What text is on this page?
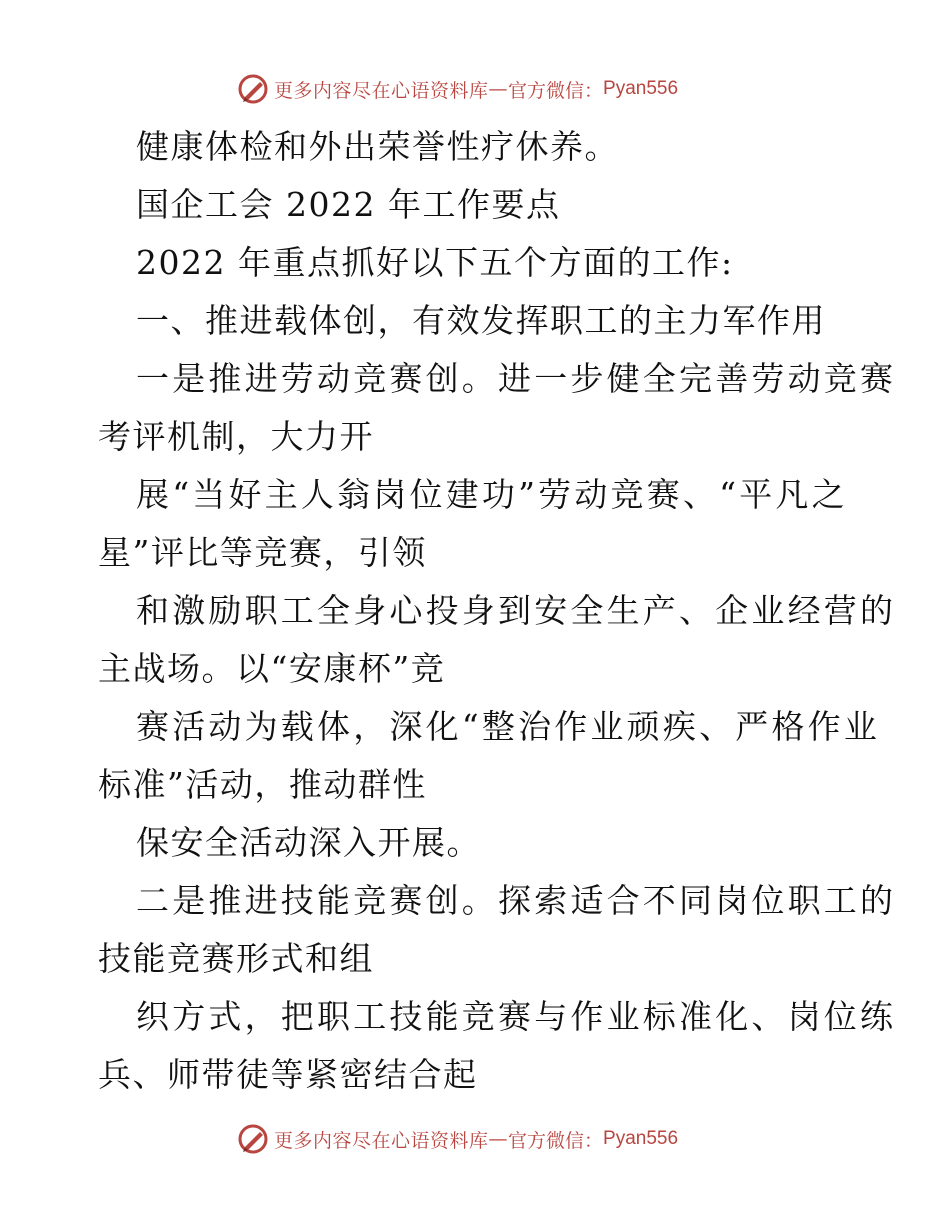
更多内容尽在心语资料库 — 官方微信： Pyan556
健康体检和外出荣誉性疗休养。
国企工会 2022 年工作要点
2022 年重点抓好以下五个方面的工作:
一、推进载体创，有效发挥职工的主力军作用
一是推进劳动竞赛创。进一步健全完善劳动竞赛
考评机制，大力开
展“当好主人翁岗位建功”劳动竞赛、“平凡之
星”评比等竞赛，引领
和激励职工全身心投身到安全生产、企业经营的
主战场。以“安康杯”竞
赛活动为载体，深化“整治作业顽疾、严格作业
标准”活动，推动群性
保安全活动深入开展。
二是推进技能竞赛创。探索适合不同岗位职工的
技能竞赛形式和组
织方式，把职工技能竞赛与作业标准化、岗位练
兵、师带徒等紧密结合起
更多内容尽在心语资料库 — 官方微信： Pyan556
